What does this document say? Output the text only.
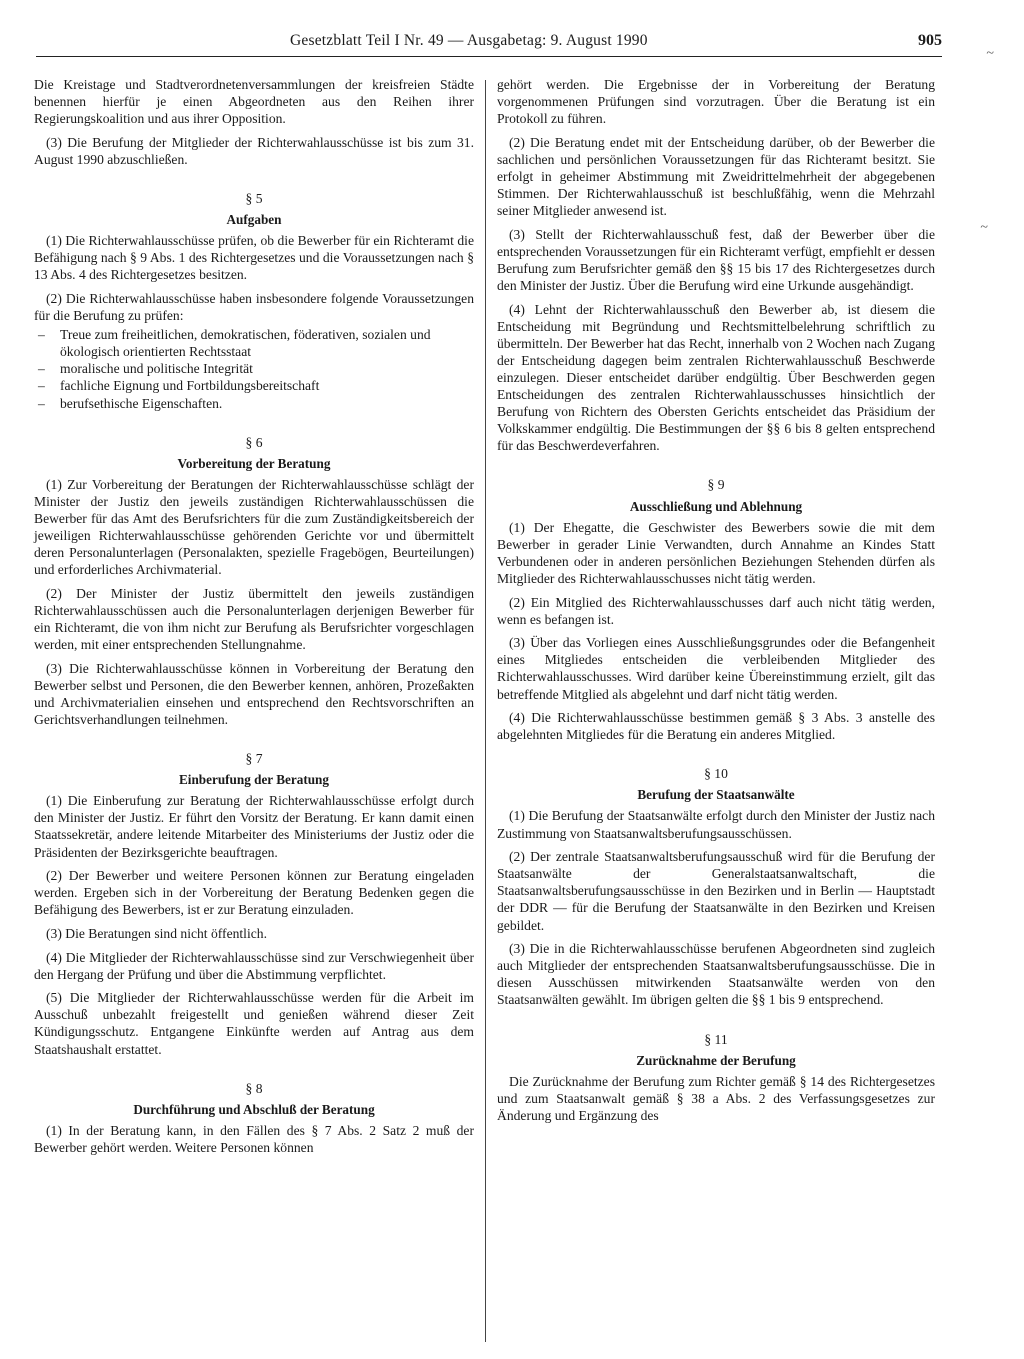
Gesetzblatt Teil I Nr. 49 — Ausgabetag: 9. August 1990	905

Die Kreistage und Stadtverordnetenversammlungen der kreisfreien Städte benennen hierfür je einen Abgeordneten aus den Reihen ihrer Regierungskoalition und aus ihrer Opposition.

(3) Die Berufung der Mitglieder der Richterwahlausschüsse ist bis zum 31. August 1990 abzuschließen.

§ 5
Aufgaben

(1) Die Richterwahlausschüsse prüfen, ob die Bewerber für ein Richteramt die Befähigung nach § 9 Abs. 1 des Richtergesetzes und die Voraussetzungen nach § 13 Abs. 4 des Richtergesetzes besitzen.

(2) Die Richterwahlausschüsse haben insbesondere folgende Voraussetzungen für die Berufung zu prüfen:

– Treue zum freiheitlichen, demokratischen, föderativen, sozialen und ökologisch orientierten Rechtsstaat
– moralische und politische Integrität
– fachliche Eignung und Fortbildungsbereitschaft
– berufsethische Eigenschaften.
§ 6
Vorbereitung der Beratung

(1) Zur Vorbereitung der Beratungen der Richterwahlausschüsse schlägt der Minister der Justiz den jeweils zuständigen Richterwahlausschüssen die Bewerber für das Amt des Berufsrichters für die zum Zuständigkeitsbereich der jeweiligen Richterwahlausschüsse gehörenden Gerichte vor und übermittelt deren Personalunterlagen (Personalakten, spezielle Fragebögen, Beurteilungen) und erforderliches Archivmaterial.

(2) Der Minister der Justiz übermittelt den jeweils zuständigen Richterwahlausschüssen auch die Personalunterlagen derjenigen Bewerber für ein Richteramt, die von ihm nicht zur Berufung als Berufsrichter vorgeschlagen werden, mit einer entsprechenden Stellungnahme.

(3) Die Richterwahlausschüsse können in Vorbereitung der Beratung den Bewerber selbst und Personen, die den Bewerber kennen, anhören, Prozeßakten und Archivmaterialien einsehen und entsprechend den Rechtsvorschriften an Gerichtsverhandlungen teilnehmen.

§ 7
Einberufung der Beratung

(1) Die Einberufung zur Beratung der Richterwahlausschüsse erfolgt durch den Minister der Justiz. Er führt den Vorsitz der Beratung. Er kann damit einen Staatssekretär, andere leitende Mitarbeiter des Ministeriums der Justiz oder die Präsidenten der Bezirksgerichte beauftragen.

(2) Der Bewerber und weitere Personen können zur Beratung eingeladen werden. Ergeben sich in der Vorbereitung der Beratung Bedenken gegen die Befähigung des Bewerbers, ist er zur Beratung einzuladen.

(3) Die Beratungen sind nicht öffentlich.

(4) Die Mitglieder der Richterwahlausschüsse sind zur Verschwiegenheit über den Hergang der Prüfung und über die Abstimmung verpflichtet.

(5) Die Mitglieder der Richterwahlausschüsse werden für die Arbeit im Ausschuß unbezahlt freigestellt und genießen während dieser Zeit Kündigungsschutz. Entgangene Einkünfte werden auf Antrag aus dem Staatshaushalt erstattet.

§ 8
Durchführung und Abschluß der Beratung

(1) In der Beratung kann, in den Fällen des § 7 Abs. 2 Satz 2 muß der Bewerber gehört werden. Weitere Personen können

gehört werden. Die Ergebnisse der in Vorbereitung der Beratung vorgenommenen Prüfungen sind vorzutragen. Über die Beratung ist ein Protokoll zu führen.

(2) Die Beratung endet mit der Entscheidung darüber, ob der Bewerber die sachlichen und persönlichen Voraussetzungen für das Richteramt besitzt. Sie erfolgt in geheimer Abstimmung mit Zweidrittelmehrheit der abgegebenen Stimmen. Der Richterwahlausschuß ist beschlußfähig, wenn die Mehrzahl seiner Mitglieder anwesend ist.

(3) Stellt der Richterwahlausschuß fest, daß der Bewerber über die entsprechenden Voraussetzungen für ein Richteramt verfügt, empfiehlt er dessen Berufung zum Berufsrichter gemäß den §§ 15 bis 17 des Richtergesetzes durch den Minister der Justiz. Über die Berufung wird eine Urkunde ausgehändigt.

(4) Lehnt der Richterwahlausschuß den Bewerber ab, ist diesem die Entscheidung mit Begründung und Rechtsmittelbelehrung schriftlich zu übermitteln. Der Bewerber hat das Recht, innerhalb von 2 Wochen nach Zugang der Entscheidung dagegen beim zentralen Richterwahlausschuß Beschwerde einzulegen. Dieser entscheidet darüber endgültig. Über Beschwerden gegen Entscheidungen des zentralen Richterwahlausschusses hinsichtlich der Berufung von Richtern des Obersten Gerichts entscheidet das Präsidium der Volkskammer endgültig. Die Bestimmungen der §§ 6 bis 8 gelten entsprechend für das Beschwerdeverfahren.

§ 9
Ausschließung und Ablehnung

(1) Der Ehegatte, die Geschwister des Bewerbers sowie die mit dem Bewerber in gerader Linie Verwandten, durch Annahme an Kindes Statt Verbundenen oder in anderen persönlichen Beziehungen Stehenden dürfen als Mitglieder des Richterwahlausschusses nicht tätig werden.

(2) Ein Mitglied des Richterwahlausschusses darf auch nicht tätig werden, wenn es befangen ist.

(3) Über das Vorliegen eines Ausschließungsgrundes oder die Befangenheit eines Mitgliedes entscheiden die verbleibenden Mitglieder des Richterwahlausschusses. Wird darüber keine Übereinstimmung erzielt, gilt das betreffende Mitglied als abgelehnt und darf nicht tätig werden.

(4) Die Richterwahlausschüsse bestimmen gemäß § 3 Abs. 3 anstelle des abgelehnten Mitgliedes für die Beratung ein anderes Mitglied.

§ 10
Berufung der Staatsanwälte

(1) Die Berufung der Staatsanwälte erfolgt durch den Minister der Justiz nach Zustimmung von Staatsanwaltsberufungsausschüssen.

(2) Der zentrale Staatsanwaltsberufungsausschuß wird für die Berufung der Staatsanwälte der Generalstaatsanwaltschaft, die Staatsanwaltsberufungsausschüsse in den Bezirken und in Berlin — Hauptstadt der DDR — für die Berufung der Staatsanwälte in den Bezirken und Kreisen gebildet.

(3) Die in die Richterwahlausschüsse berufenen Abgeordneten sind zugleich auch Mitglieder der entsprechenden Staatsanwaltsberufungsausschüsse. Die in diesen Ausschüssen mitwirkenden Staatsanwälte werden von den Staatsanwälten gewählt. Im übrigen gelten die §§ 1 bis 9 entsprechend.

§ 11
Zurücknahme der Berufung

Die Zurücknahme der Berufung zum Richter gemäß § 14 des Richtergesetzes und zum Staatsanwalt gemäß § 38 a Abs. 2 des Verfassungsgesetzes zur Änderung und Ergänzung des

~
~
